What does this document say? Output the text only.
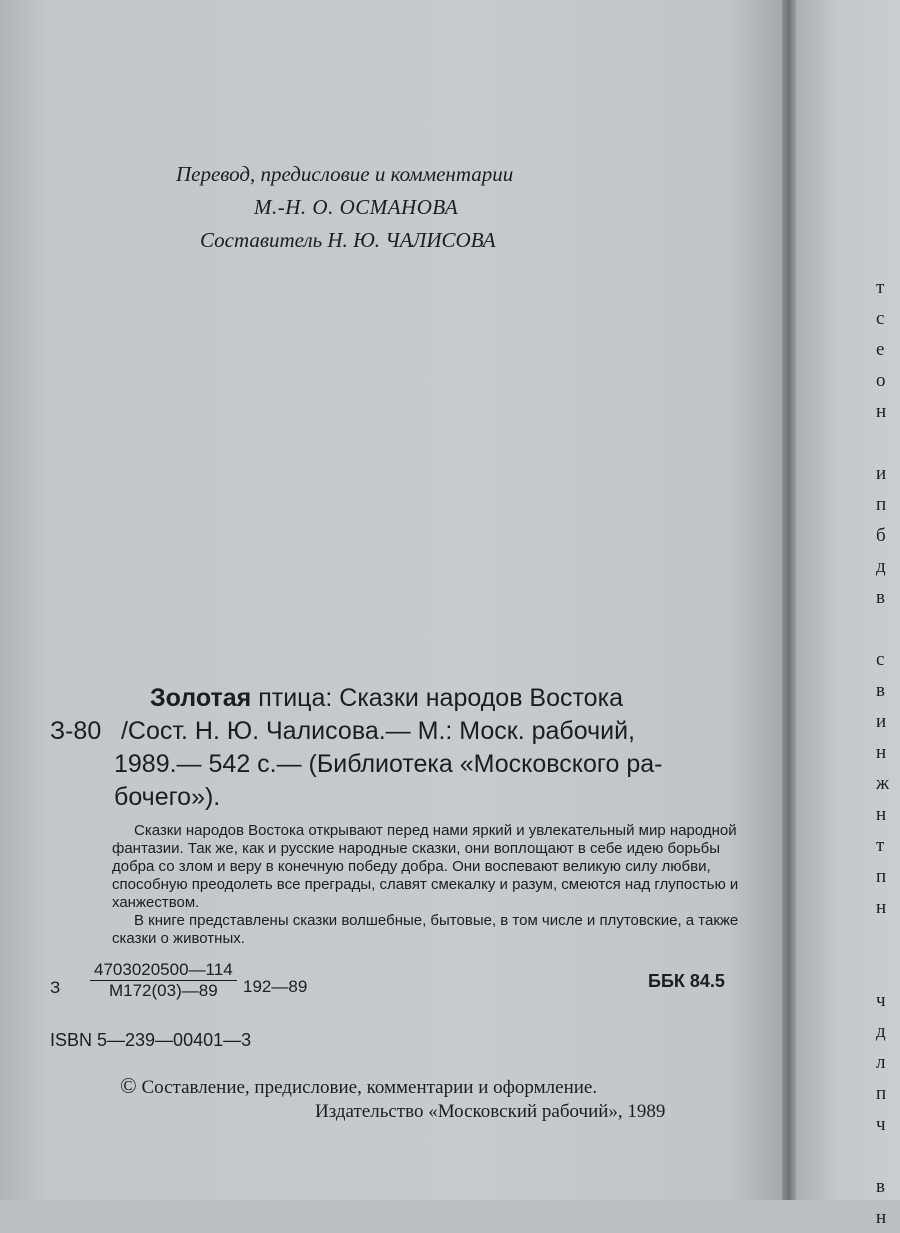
Перевод, предисловие и комментарии
М.-Н. О. ОСМАНОВА
Составитель Н. Ю. ЧАЛИСОВА
Золотая птица: Сказки народов Востока
З-80 /Сост. Н. Ю. Чалисова.— М.: Моск. рабочий,
1989.— 542 с.— (Библиотека «Московского ра-
бочего»).

Сказки народов Востока открывают перед нами яркий и увлекательный мир народной фантазии. Так же, как и русские народные сказки, они воплощают в себе идею борьбы добра со злом и веру в конечную победу добра. Они воспевают великую силу любви, способную преодолеть все преграды, славят смекалку и разум, смеются над глупостью и ханжеством.

В книге представлены сказки волшебные, бытовые, в том числе и плутовские, а также сказки о животных.

З
4703020500—114
М172(03)—89	192—89	ББК 84.5
ISBN 5—239—00401—3
© Составление, предисловие, комментарии и оформление.
Издательство «Московский рабочий», 1989
т
с
е
о
н
и
п
б
д
в
с
в
и
н
ж
н
т
п
н
ч
д
л
п
ч
в
н
